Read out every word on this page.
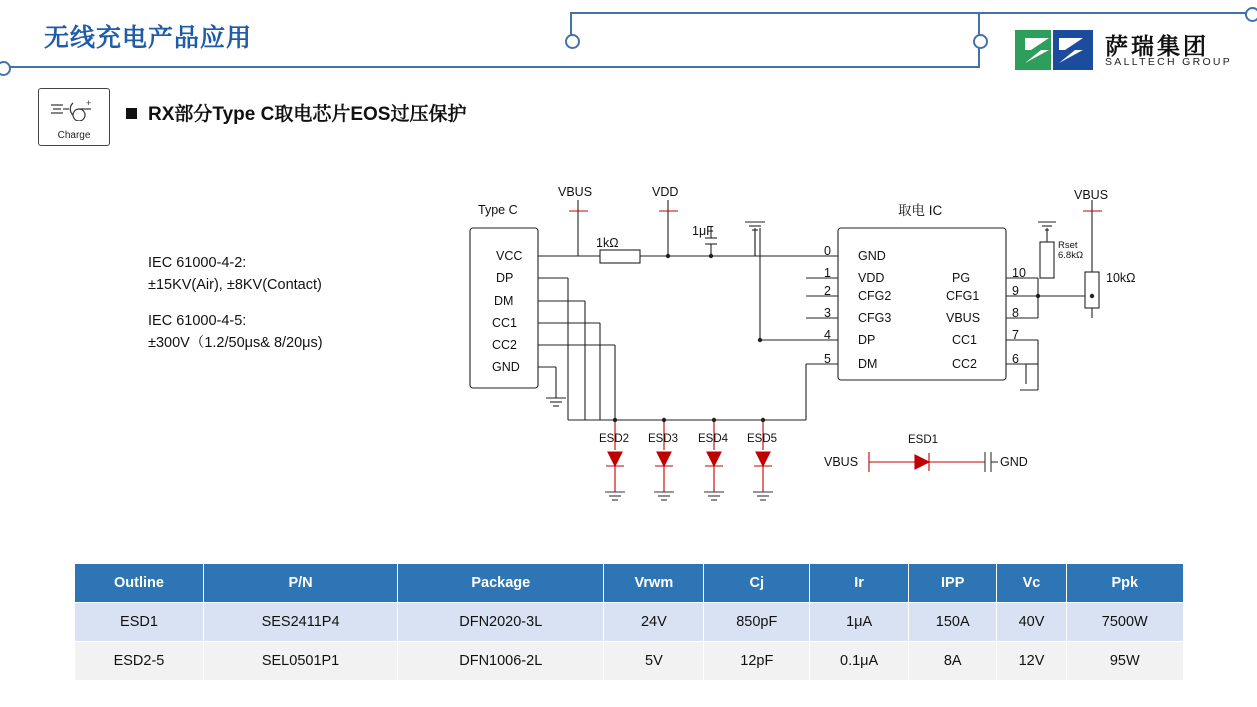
无线充电产品应用	萨瑞集团
SALLTECH GROUP
+
Charge
RX部分Type C取电芯片EOS过压保护
IEC 61000-4-2:
±15KV(Air), ±8KV(Contact)
IEC 61000-4-5:
±300V（1.2/50μs& 8/20μs)
Type C
VCC
DP
DM
CC1
CC2
GND
VBUS	VDD	VBUS
1kΩ
1μF
Rset
6.8kΩ
10kΩ
取电 IC
GND
VDD
CFG2
CFG3
DP
DM
PG
CFG1
VBUS
CC1
CC2
0
1
2
3
4
5
10
9
8
7
6
ESD2 ESD3 ESD4 ESD5	ESD1
VBUS	GND
Outline	P/N	Package	Vrwm	Cj	Ir	IPP	Vc	Ppk
ESD1	SES2411P4	DFN2020-3L	24V	850pF	1μA	150A	40V	7500W
ESD2-5	SEL0501P1	DFN1006-2L	5V	12pF	0.1μA	8A	12V	95W
